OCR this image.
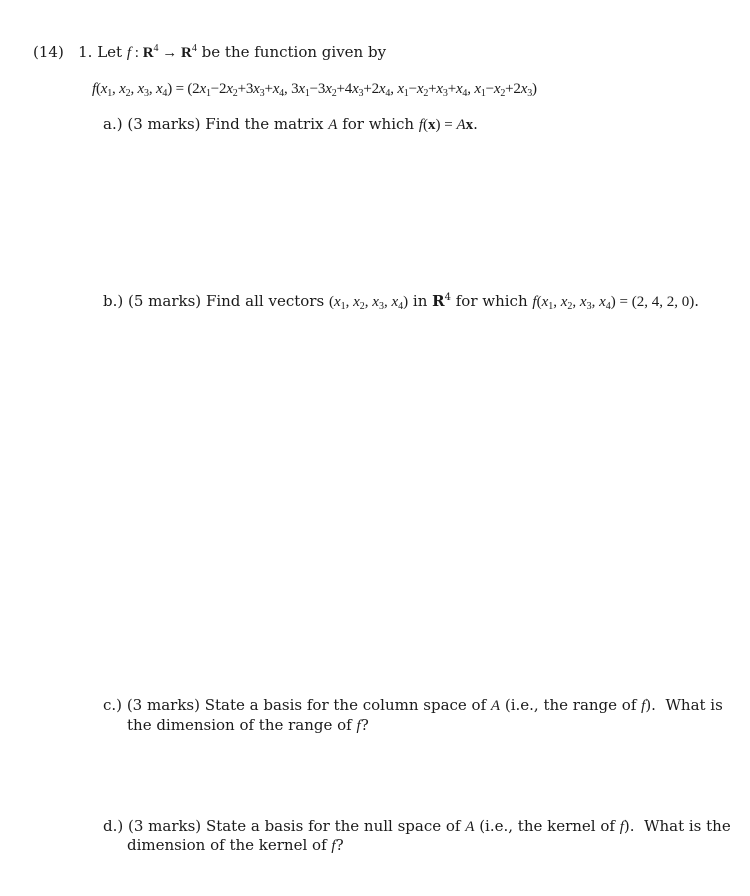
(14) 1. Let f : $R^4 \to R^4$ be the function given by
$f(x_1$, $x_2$, $x_3$, $x_4) = (2x_1-2x_2+3x_3+x_4$, $3x_1-3x_2+4x_3+2x_4$, $x_1-x_2+x_3+x_4$, $x_1-x_2+2x_3$)
a.) (3 marks) Find the matrix A for which f(x) = Ax.
b.) (5 marks) Find all vectors ($x_1$, $x_2$, $x_3$, $x_4$) in $R^4$ for which $f(x_1$, $x_2$, $x_3$, $x_4) = (2$, 4, 2, 0).
c.) (3 marks) State a basis for the column space of A (i.e., the range of f).  What is
the dimension of the range of f?
d.) (3 marks) State a basis for the null space of A (i.e., the kernel of f).  What is the
dimension of the kernel of f?
